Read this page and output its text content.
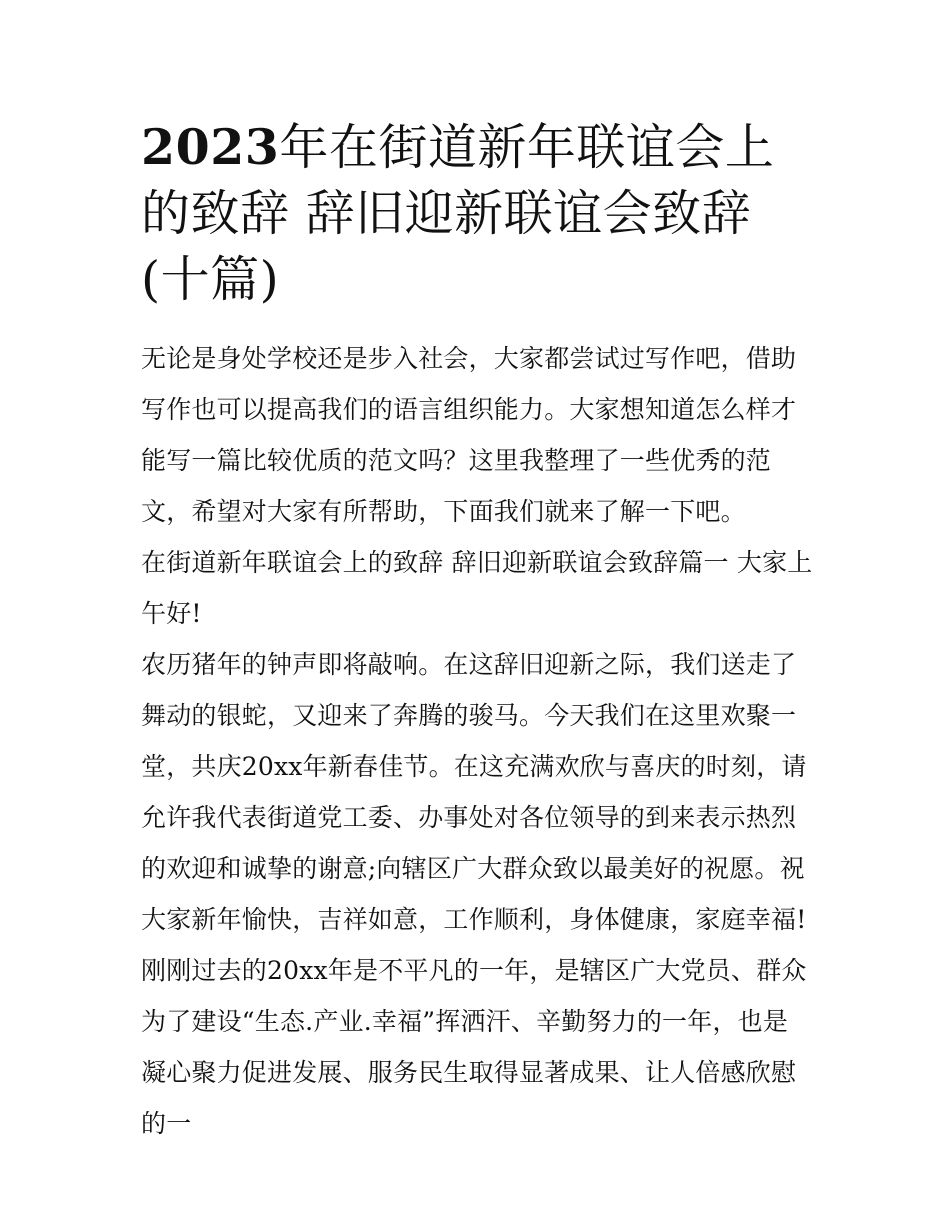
2023年在街道新年联谊会上的致辞 辞旧迎新联谊会致辞(十篇)

无论是身处学校还是步入社会，大家都尝试过写作吧，借助写作也可以提高我们的语言组织能力。大家想知道怎么样才能写一篇比较优质的范文吗？这里我整理了一些优秀的范文，希望对大家有所帮助，下面我们就来了解一下吧。

在街道新年联谊会上的致辞 辞旧迎新联谊会致辞篇一 大家上午好!

农历猪年的钟声即将敲响。在这辞旧迎新之际，我们送走了舞动的银蛇，又迎来了奔腾的骏马。今天我们在这里欢聚一堂，共庆20xx年新春佳节。在这充满欢欣与喜庆的时刻，请允许我代表街道党工委、办事处对各位领导的到来表示热烈的欢迎和诚挚的谢意;向辖区广大群众致以最美好的祝愿。祝大家新年愉快，吉祥如意，工作顺利，身体健康，家庭幸福!

刚刚过去的20xx年是不平凡的一年，是辖区广大党员、群众为了建设“生态.产业.幸福”挥洒汗、辛勤努力的一年，也是凝心聚力促进发展、服务民生取得显著成果、让人倍感欣慰的一
